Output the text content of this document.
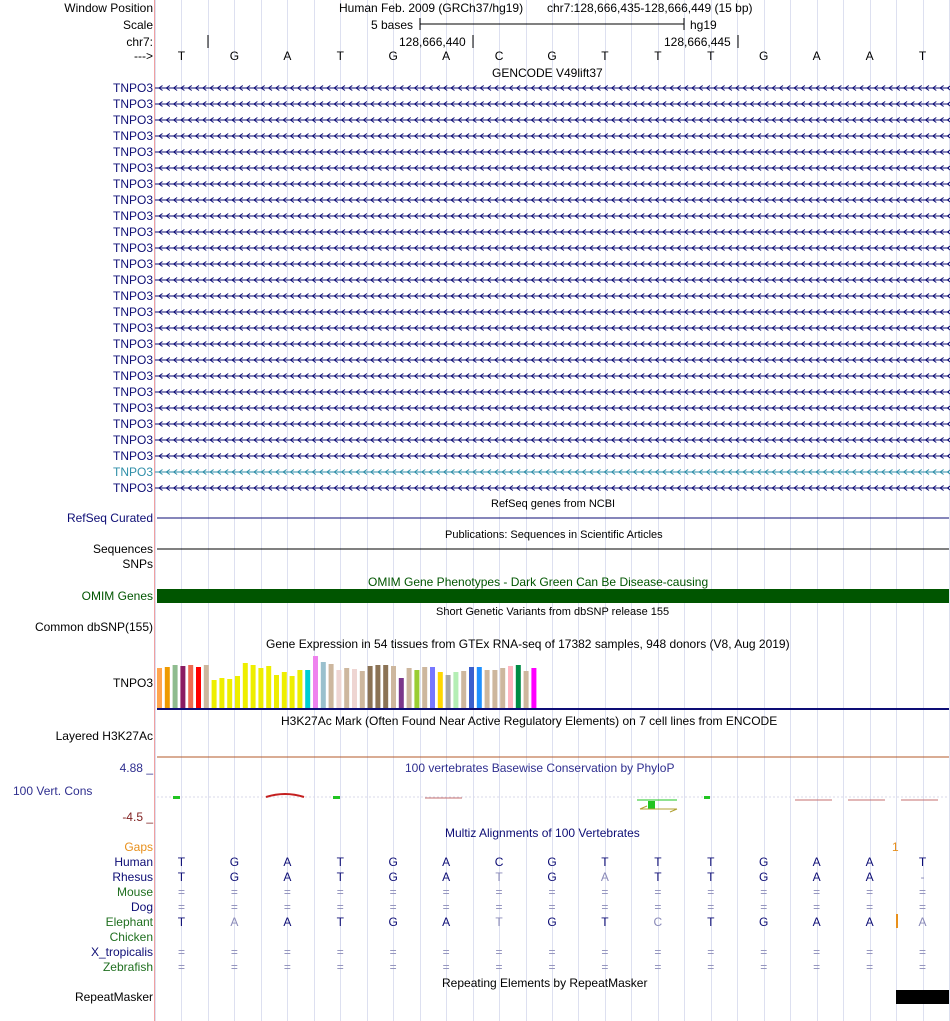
Window Position	Human Feb. 2009 (GRCh37/hg19) chr7:128,666,435-128,666,449 (15 bp)
Scale	5 bases	hg19
chr7:	128,666,440	128,666,445
--->	T	G	A	T	G	A	C	G	T	T	T	G	A	A	T
GENCODE V49lift37
TNPO3
TNPO3
TNPO3
TNPO3
TNPO3
TNPO3
TNPO3
TNPO3
TNPO3
TNPO3
TNPO3
TNPO3
TNPO3
TNPO3
TNPO3
TNPO3
TNPO3
TNPO3
TNPO3
TNPO3
TNPO3
TNPO3
TNPO3
TNPO3
TNPO3
TNPO3
RefSeq genes from NCBI
RefSeq Curated
Publications: Sequences in Scientific Articles
Sequences
SNPs
OMIM Gene Phenotypes - Dark Green Can Be Disease-causing
OMIM Genes
Short Genetic Variants from dbSNP release 155
Common dbSNP(155)
Gene Expression in 54 tissues from GTEx RNA-seq of 17382 samples, 948 donors (V8, Aug 2019)
TNPO3
H3K27Ac Mark (Often Found Near Active Regulatory Elements) on 7 cell lines from ENCODE
Layered H3K27Ac
100 vertebrates Basewise Conservation by PhyloP
4.88 _
100 Vert. Cons
-4.5 _
Multiz Alignments of 100 Vertebrates
Gaps	1
Human	T	G	A	T	G	A	C	G	T	T	T	G	A	A	T
Rhesus	T	G	A	T	G	A	T	G	A	T	T	G	A	A	-
Mouse	=	=	=	=	=	=	=	=	=	=	=	=	=	=	=
Dog	=	=	=	=	=	=	=	=	=	=	=	=	=	=	=
Elephant	T	A	A	T	G	A	T	G	T	C	T	G	A	A	A
Chicken
X_tropicalis	=	=	=	=	=	=	=	=	=	=	=	=	=	=	=
Zebrafish	=	=	=	=	=	=	=	=	=	=	=	=	=	=	=
Repeating Elements by RepeatMasker
RepeatMasker
